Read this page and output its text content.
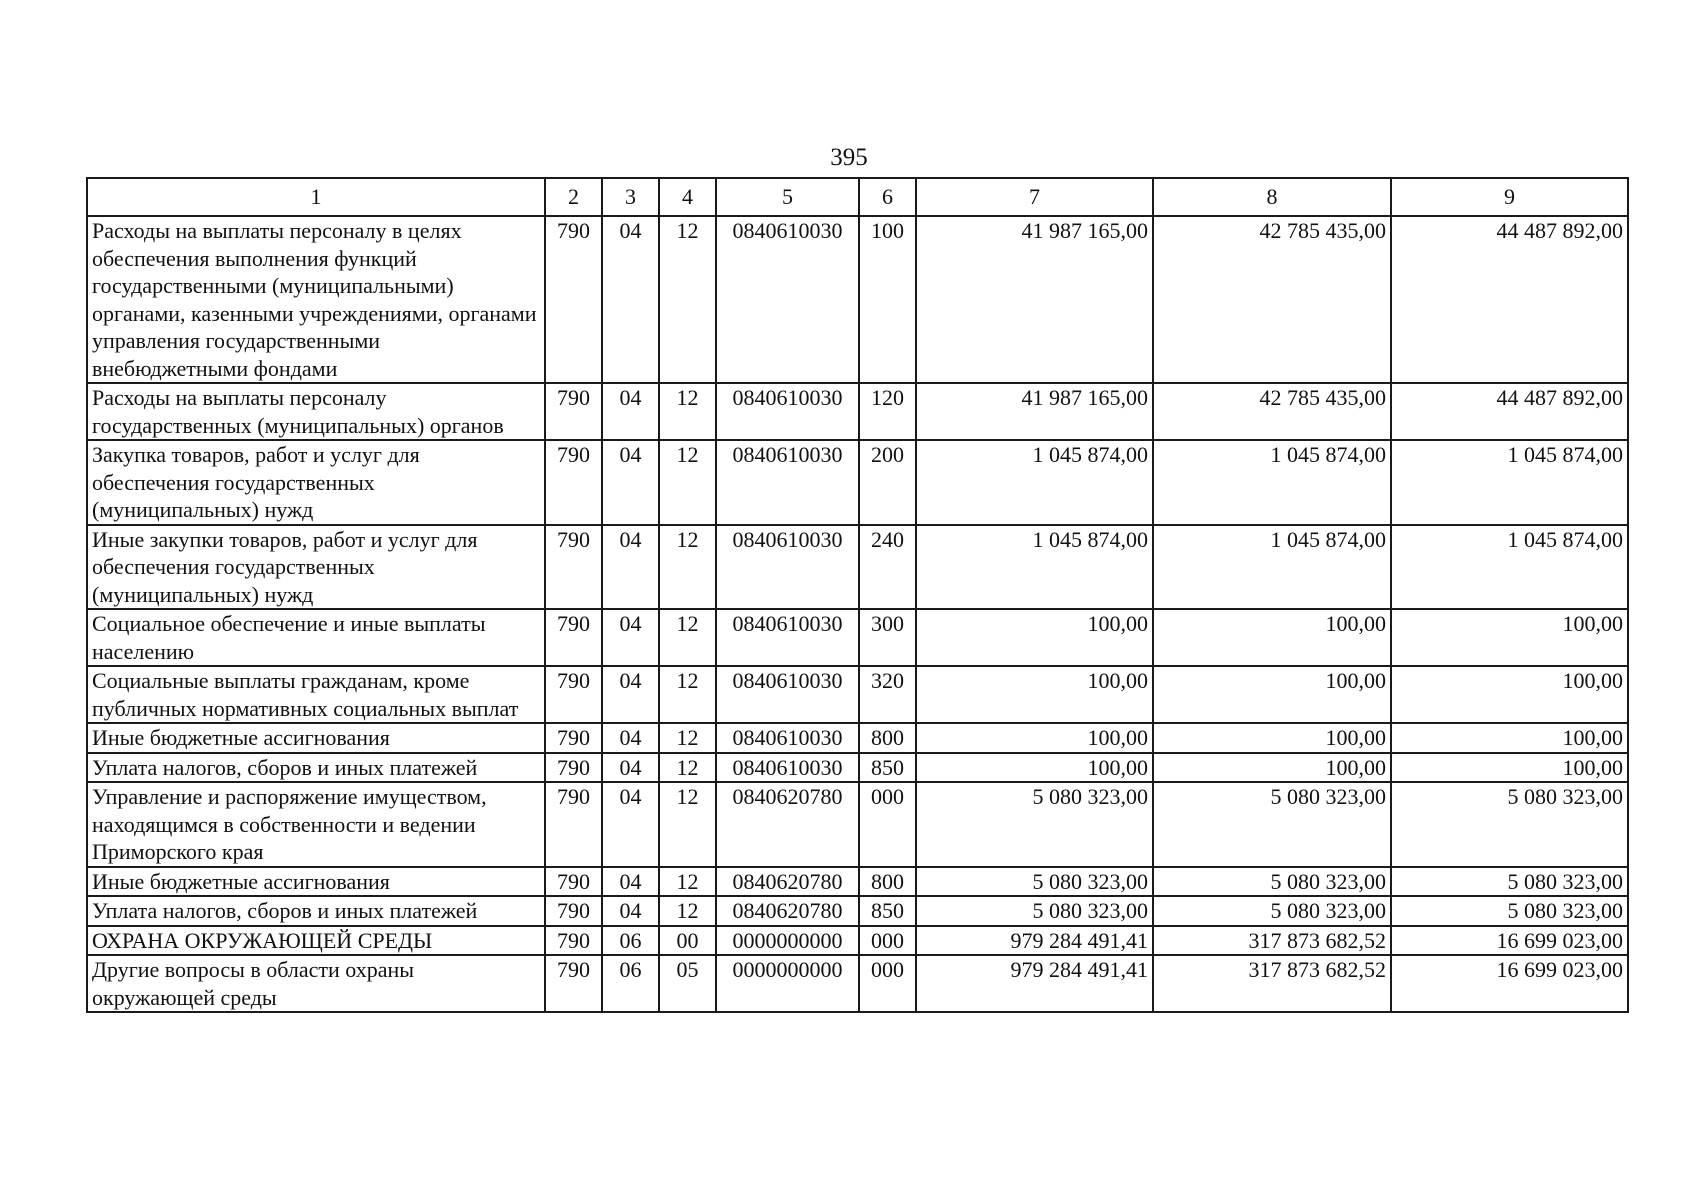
395
1	2	3	4	5	6	7	8	9
Расходы на выплаты персоналу в целях обеспечения выполнения функций государственными (муниципальными) органами, казенными учреждениями, органами управления государственными внебюджетными фондами	790	04	12	0840610030	100	41 987 165,00	42 785 435,00	44 487 892,00
Расходы на выплаты персоналу государственных (муниципальных) органов	790	04	12	0840610030	120	41 987 165,00	42 785 435,00	44 487 892,00
Закупка товаров, работ и услуг для обеспечения государственных (муниципальных) нужд	790	04	12	0840610030	200	1 045 874,00	1 045 874,00	1 045 874,00
Иные закупки товаров, работ и услуг для обеспечения государственных (муниципальных) нужд	790	04	12	0840610030	240	1 045 874,00	1 045 874,00	1 045 874,00
Социальное обеспечение и иные выплаты населению	790	04	12	0840610030	300	100,00	100,00	100,00
Социальные выплаты гражданам, кроме публичных нормативных социальных выплат	790	04	12	0840610030	320	100,00	100,00	100,00
Иные бюджетные ассигнования	790	04	12	0840610030	800	100,00	100,00	100,00
Уплата налогов, сборов и иных платежей	790	04	12	0840610030	850	100,00	100,00	100,00
Управление и распоряжение имуществом, находящимся в собственности и ведении Приморского края	790	04	12	0840620780	000	5 080 323,00	5 080 323,00	5 080 323,00
Иные бюджетные ассигнования	790	04	12	0840620780	800	5 080 323,00	5 080 323,00	5 080 323,00
Уплата налогов, сборов и иных платежей	790	04	12	0840620780	850	5 080 323,00	5 080 323,00	5 080 323,00
ОХРАНА ОКРУЖАЮЩЕЙ СРЕДЫ	790	06	00	0000000000	000	979 284 491,41	317 873 682,52	16 699 023,00
Другие вопросы в области охраны окружающей среды	790	06	05	0000000000	000	979 284 491,41	317 873 682,52	16 699 023,00
